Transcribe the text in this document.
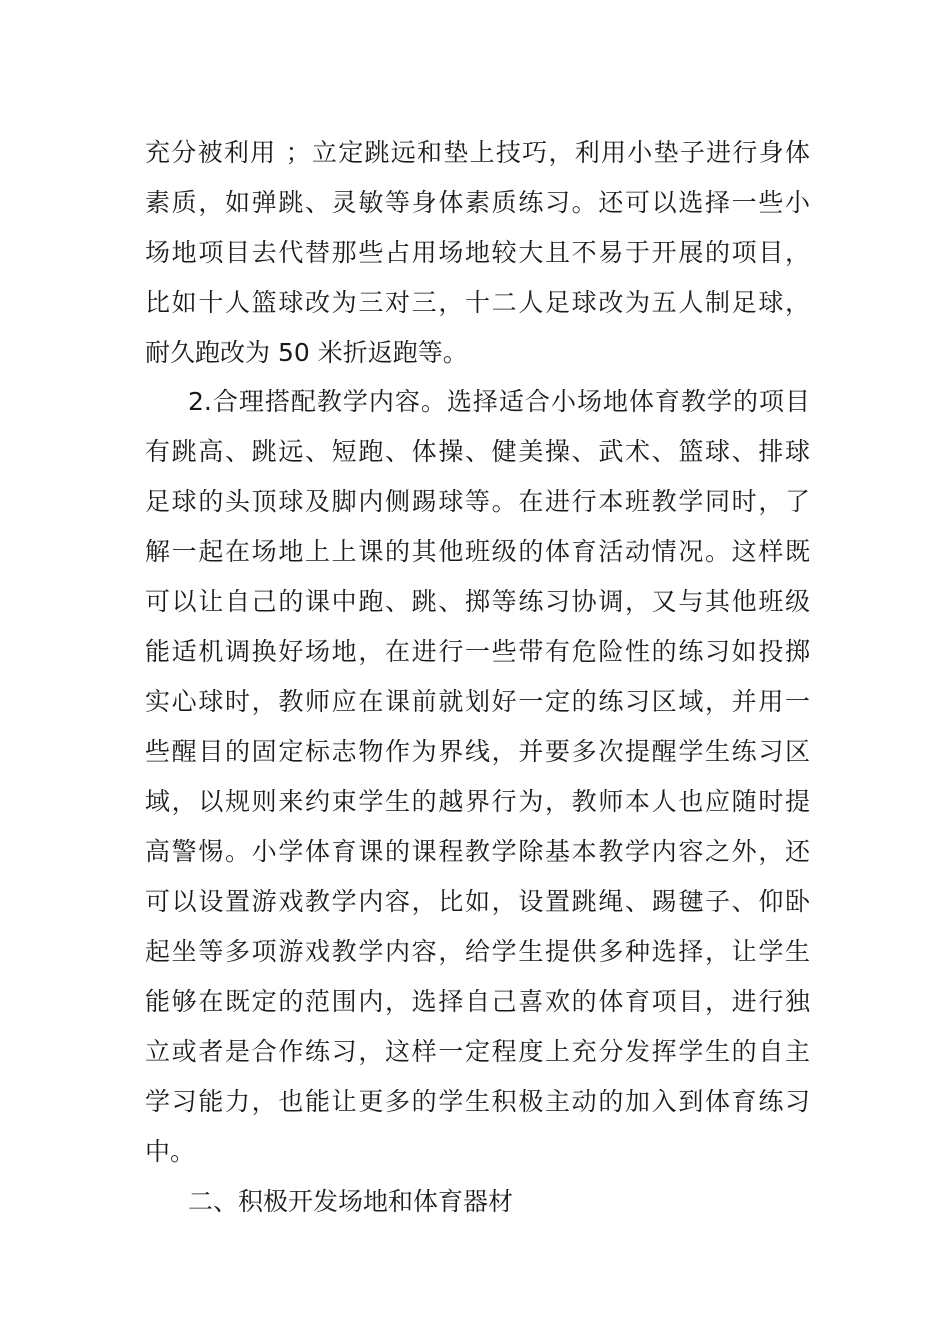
充分被利用 ；立定跳远和垫上技巧，利用小垫子进行身体
素质，如弹跳、灵敏等身体素质练习。还可以选择一些小
场地项目去代替那些占用场地较大且不易于开展的项目，
比如十人篮球改为三对三，十二人足球改为五人制足球，
耐久跑改为 50 米折返跑等。
2.合理搭配教学内容。选择适合小场地体育教学的项目
有跳高、跳远、短跑、体操、健美操、武术、篮球、排球
足球的头顶球及脚内侧踢球等。在进行本班教学同时，了
解一起在场地上上课的其他班级的体育活动情况。这样既
可以让自己的课中跑、跳、掷等练习协调，又与其他班级
能适机调换好场地，在进行一些带有危险性的练习如投掷
实心球时，教师应在课前就划好一定的练习区域，并用一
些醒目的固定标志物作为界线，并要多次提醒学生练习区
域，以规则来约束学生的越界行为，教师本人也应随时提
高警惕。小学体育课的课程教学除基本教学内容之外，还
可以设置游戏教学内容，比如，设置跳绳、踢毽子、仰卧
起坐等多项游戏教学内容，给学生提供多种选择，让学生
能够在既定的范围内，选择自己喜欢的体育项目，进行独
立或者是合作练习，这样一定程度上充分发挥学生的自主
学习能力，也能让更多的学生积极主动的加入到体育练习
中。
二、积极开发场地和体育器材
